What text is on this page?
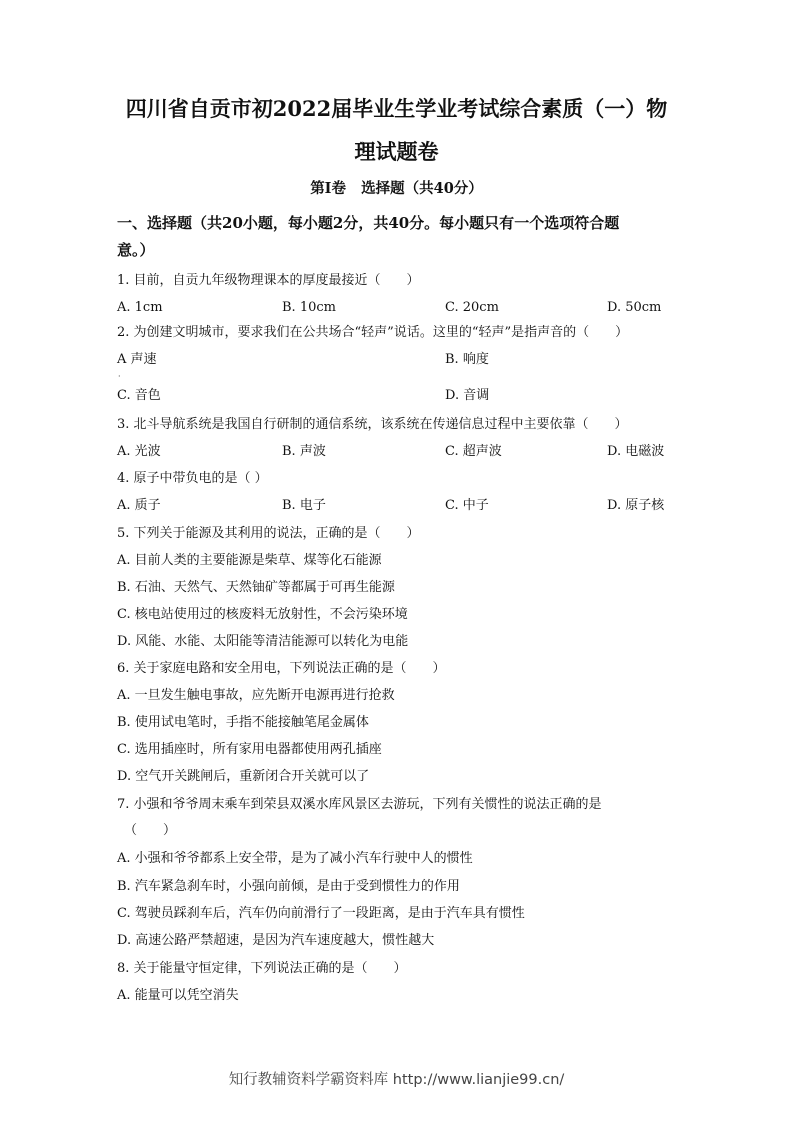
四川省自贡市初2022届毕业生学业考试综合素质（一）物
理试题卷
第Ⅰ卷   选择题（共40分）
一、选择题（共20小题，每小题2分，共40分。每小题只有一个选项符合题
意。）
1. 目前，自贡九年级物理课本的厚度最接近（　　）
A. 1cm	B. 10cm	C. 20cm	D. 50cm
2. 为创建文明城市，要求我们在公共场合“轻声”说话。这里的“轻声”是指声音的（　　）
A 声速
·
B. 响度
C. 音色	D. 音调
3. 北斗导航系统是我国自行研制的通信系统，该系统在传递信息过程中主要依靠（　　）
A. 光波	B. 声波	C. 超声波	D. 电磁波
4. 原子中带负电的是（ ）
A. 质子	B. 电子	C. 中子	D. 原子核
5. 下列关于能源及其利用的说法，正确的是（　　）
A. 目前人类的主要能源是柴草、煤等化石能源
B. 石油、天然气、天然铀矿等都属于可再生能源
C. 核电站使用过的核废料无放射性，不会污染环境
D. 风能、水能、太阳能等清洁能源可以转化为电能
6. 关于家庭电路和安全用电，下列说法正确的是（　　）
A. 一旦发生触电事故，应先断开电源再进行抢救
B. 使用试电笔时，手指不能接触笔尾金属体
C. 选用插座时，所有家用电器都使用两孔插座
D. 空气开关跳闸后，重新闭合开关就可以了
7. 小强和爷爷周末乘车到荣县双溪水库风景区去游玩，下列有关惯性的说法正确的是
（　　）
A. 小强和爷爷都系上安全带，是为了减小汽车行驶中人的惯性
B. 汽车紧急刹车时，小强向前倾，是由于受到惯性力的作用
C. 驾驶员踩刹车后，汽车仍向前滑行了一段距离，是由于汽车具有惯性
D. 高速公路严禁超速，是因为汽车速度越大，惯性越大
8. 关于能量守恒定律，下列说法正确的是（　　）
A. 能量可以凭空消失
知行教辅资料学霸资料库 http://www.lianjie99.cn/
